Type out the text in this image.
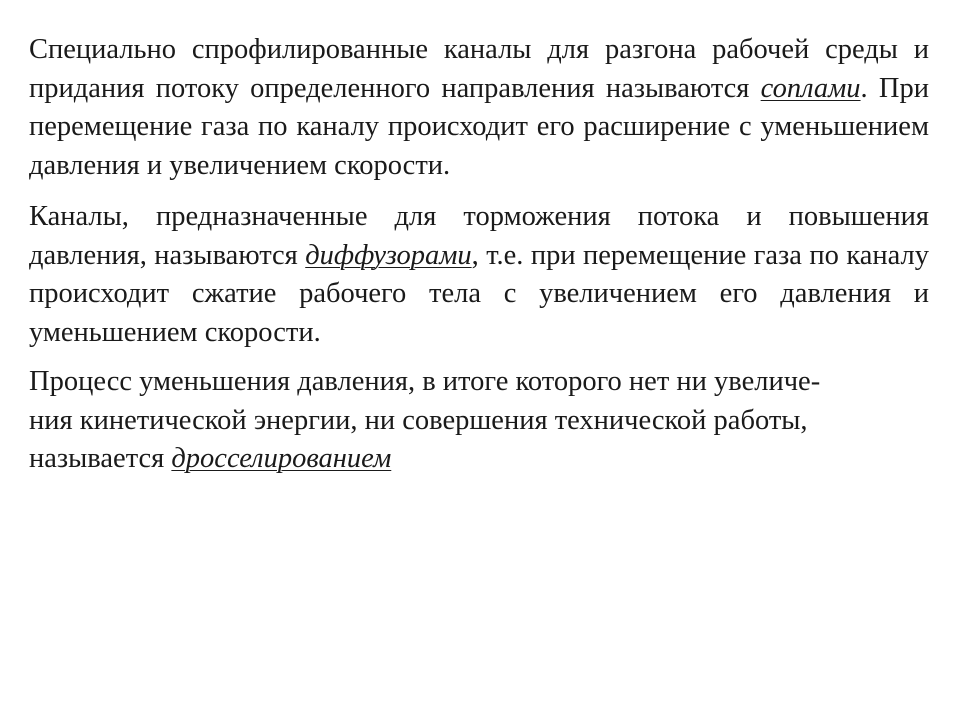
Специально спрофилированные каналы для разгона рабочей среды и придания потоку определенного направления называются соплами. При перемещение газа по каналу происходит его расширение с уменьшением давления и увеличением скорости.

Каналы, предназначенные для торможения потока и повышения давления, называются диффузорами, т.е. при перемещение газа по каналу происходит сжатие рабочего тела с увеличением его давления и уменьшением скорости.

Процесс уменьшения давления, в итоге которого нет ни увеличе-
ния кинетической энергии, ни совершения технической работы,
называется дросселированием
